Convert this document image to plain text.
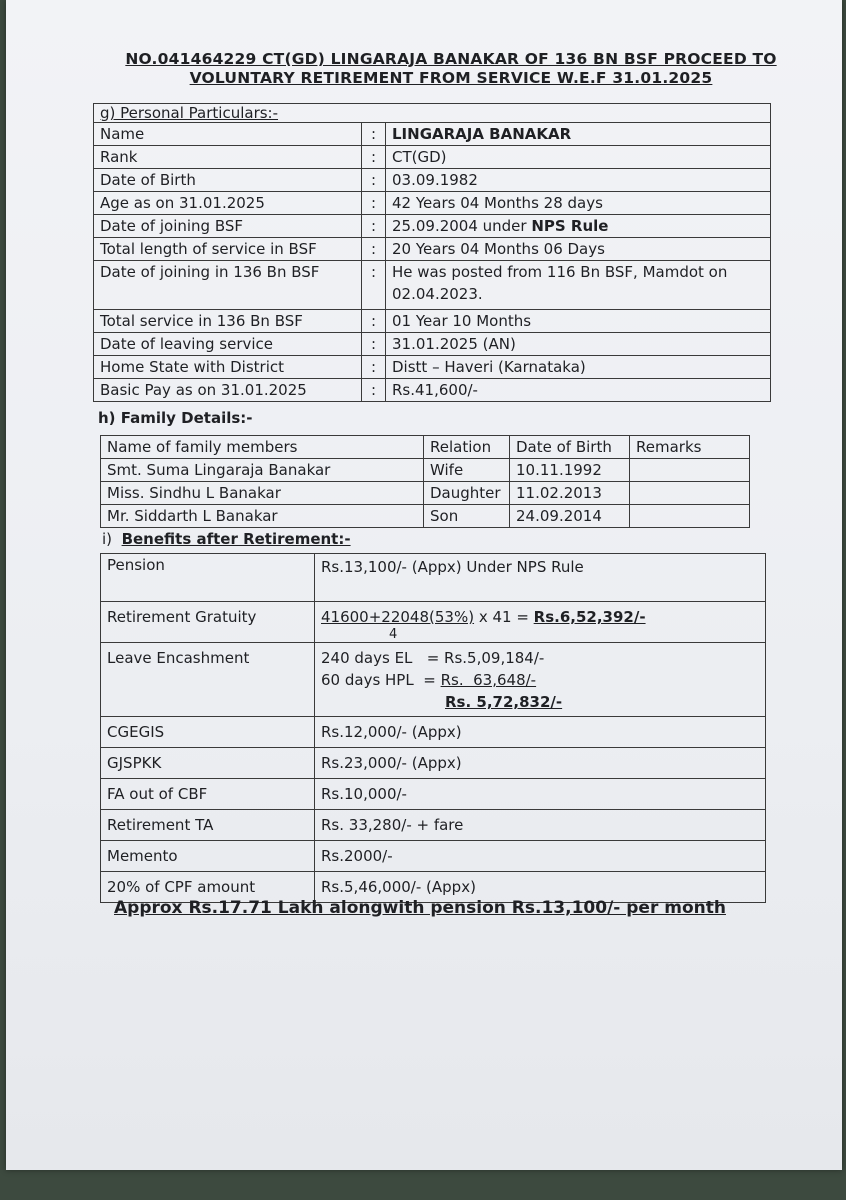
NO.041464229 CT(GD) LINGARAJA BANAKAR OF 136 BN BSF PROCEED TO
VOLUNTARY RETIREMENT FROM SERVICE W.E.F 31.01.2025
g) Personal Particulars:-		
Name	:	LINGARAJA BANAKAR
Rank	:	CT(GD)
Date of Birth	:	03.09.1982
Age as on 31.01.2025	:	42 Years 04 Months 28 days
Date of joining BSF	:	25.09.2004 under NPS Rule
Total length of service in BSF	:	20 Years 04 Months 06 Days
Date of joining in 136 Bn BSF	:	He was posted from 116 Bn BSF, Mamdot on 02.04.2023.
Total service in 136 Bn BSF	:	01 Year 10 Months
Date of leaving service	:	31.01.2025 (AN)
Home State with District	:	Distt – Haveri (Karnataka)
Basic Pay as on 31.01.2025	:	Rs.41,600/-
h) Family Details:-
Name of family members	Relation	Date of Birth	Remarks
Smt. Suma Lingaraja Banakar	Wife	10.11.1992	
Miss. Sindhu L Banakar	Daughter	11.02.2013	
Mr. Siddarth L Banakar	Son	24.09.2014	
i) Benefits after Retirement:-
Pension	Rs.13,100/- (Appx) Under NPS Rule
Retirement Gratuity	41600+22048(53%) x 41 = Rs.6,52,392/-
4

Leave Encashment	240 days EL   = Rs.5,09,184/-
60 days HPL  = Rs.  63,648/-
Rs. 5,72,832/-

CGEGIS	Rs.12,000/- (Appx)
GJSPKK	Rs.23,000/- (Appx)
FA out of CBF	Rs.10,000/-
Retirement TA	Rs. 33,280/- + fare
Memento	Rs.2000/-
20% of CPF amount	Rs.5,46,000/- (Appx)
Approx Rs.17.71 Lakh alongwith pension Rs.13,100/- per month
